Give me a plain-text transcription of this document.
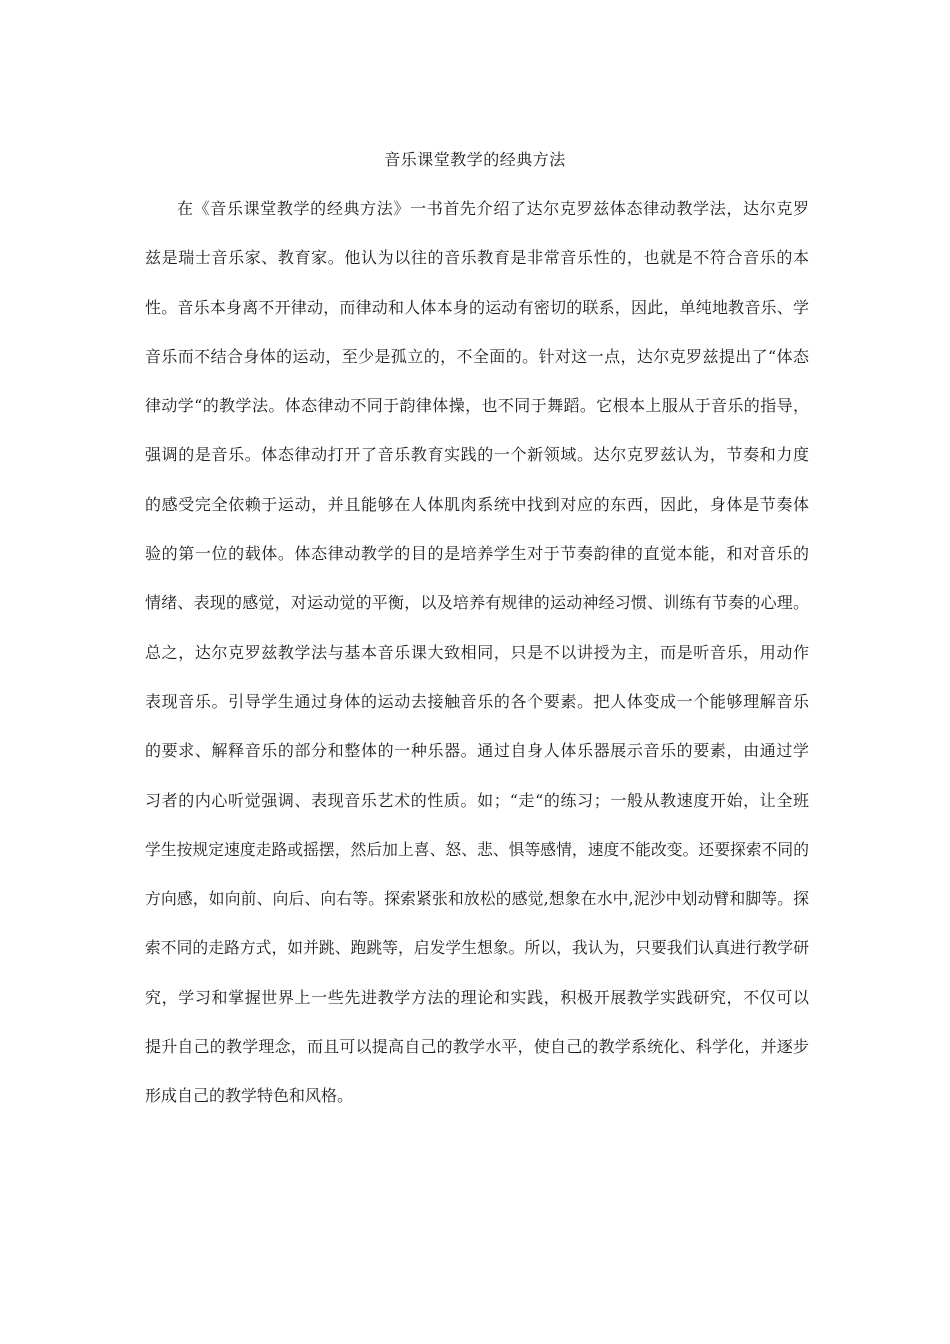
音乐课堂教学的经典方法
在《音乐课堂教学的经典方法》一书首先介绍了达尔克罗兹体态律动教学法，达尔克罗
兹是瑞士音乐家、教育家。他认为以往的音乐教育是非常音乐性的，也就是不符合音乐的本
性。音乐本身离不开律动，而律动和人体本身的运动有密切的联系，因此，单纯地教音乐、学
音乐而不结合身体的运动，至少是孤立的，不全面的。针对这一点，达尔克罗兹提出了“体态
律动学“的教学法。体态律动不同于韵律体操，也不同于舞蹈。它根本上服从于音乐的指导，
强调的是音乐。体态律动打开了音乐教育实践的一个新领域。达尔克罗兹认为，节奏和力度
的感受完全依赖于运动，并且能够在人体肌肉系统中找到对应的东西，因此，身体是节奏体
验的第一位的载体。体态律动教学的目的是培养学生对于节奏韵律的直觉本能，和对音乐的
情绪、表现的感觉，对运动觉的平衡，以及培养有规律的运动神经习惯、训练有节奏的心理。
总之，达尔克罗兹教学法与基本音乐课大致相同，只是不以讲授为主，而是听音乐，用动作
表现音乐。引导学生通过身体的运动去接触音乐的各个要素。把人体变成一个能够理解音乐
的要求、解释音乐的部分和整体的一种乐器。通过自身人体乐器展示音乐的要素，由通过学
习者的内心听觉强调、表现音乐艺术的性质。如；“走“的练习；一般从教速度开始，让全班
学生按规定速度走路或摇摆，然后加上喜、怒、悲、惧等感情，速度不能改变。还要探索不同的
方向感，如向前、向后、向右等。探索紧张和放松的感觉,想象在水中,泥沙中划动臂和脚等。探
索不同的走路方式，如并跳、跑跳等，启发学生想象。所以，我认为，只要我们认真进行教学研
究，学习和掌握世界上一些先进教学方法的理论和实践，积极开展教学实践研究，不仅可以
提升自己的教学理念，而且可以提高自己的教学水平，使自己的教学系统化、科学化，并逐步
形成自己的教学特色和风格。
